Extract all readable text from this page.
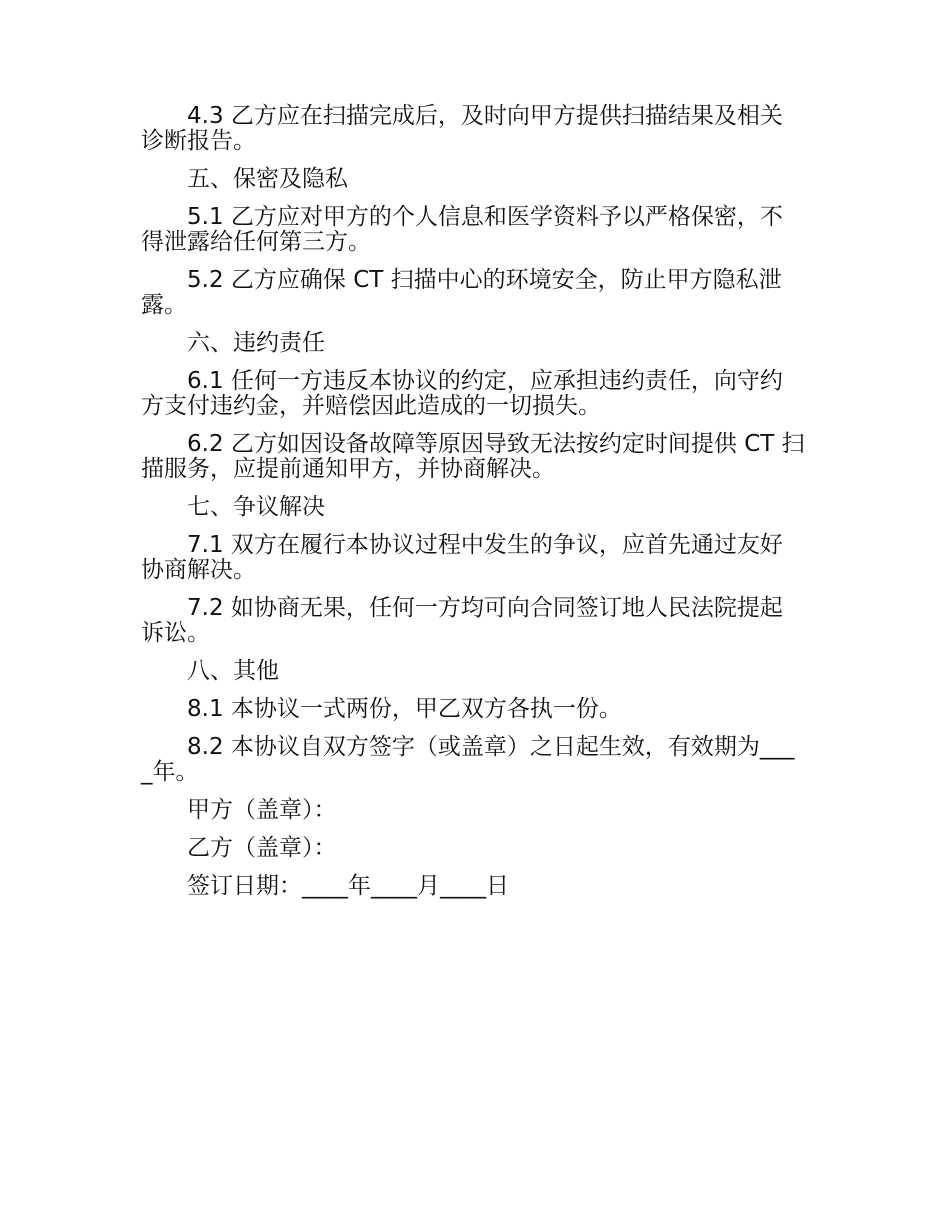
4.3 乙方应在扫描完成后，及时向甲方提供扫描结果及相关诊断报告。

五、保密及隐私

5.1 乙方应对甲方的个人信息和医学资料予以严格保密，不得泄露给任何第三方。

5.2 乙方应确保 CT 扫描中心的环境安全，防止甲方隐私泄露。

六、违约责任

6.1 任何一方违反本协议的约定，应承担违约责任，向守约方支付违约金，并赔偿因此造成的一切损失。

6.2 乙方如因设备故障等原因导致无法按约定时间提供 CT 扫描服务，应提前通知甲方，并协商解决。

七、争议解决

7.1 双方在履行本协议过程中发生的争议，应首先通过友好协商解决。

7.2 如协商无果，任何一方均可向合同签订地人民法院提起诉讼。

八、其他

8.1 本协议一式两份，甲乙双方各执一份。

8.2 本协议自双方签字（或盖章）之日起生效，有效期为____年。

甲方（盖章）：

乙方（盖章）：

签订日期：____年____月____日
